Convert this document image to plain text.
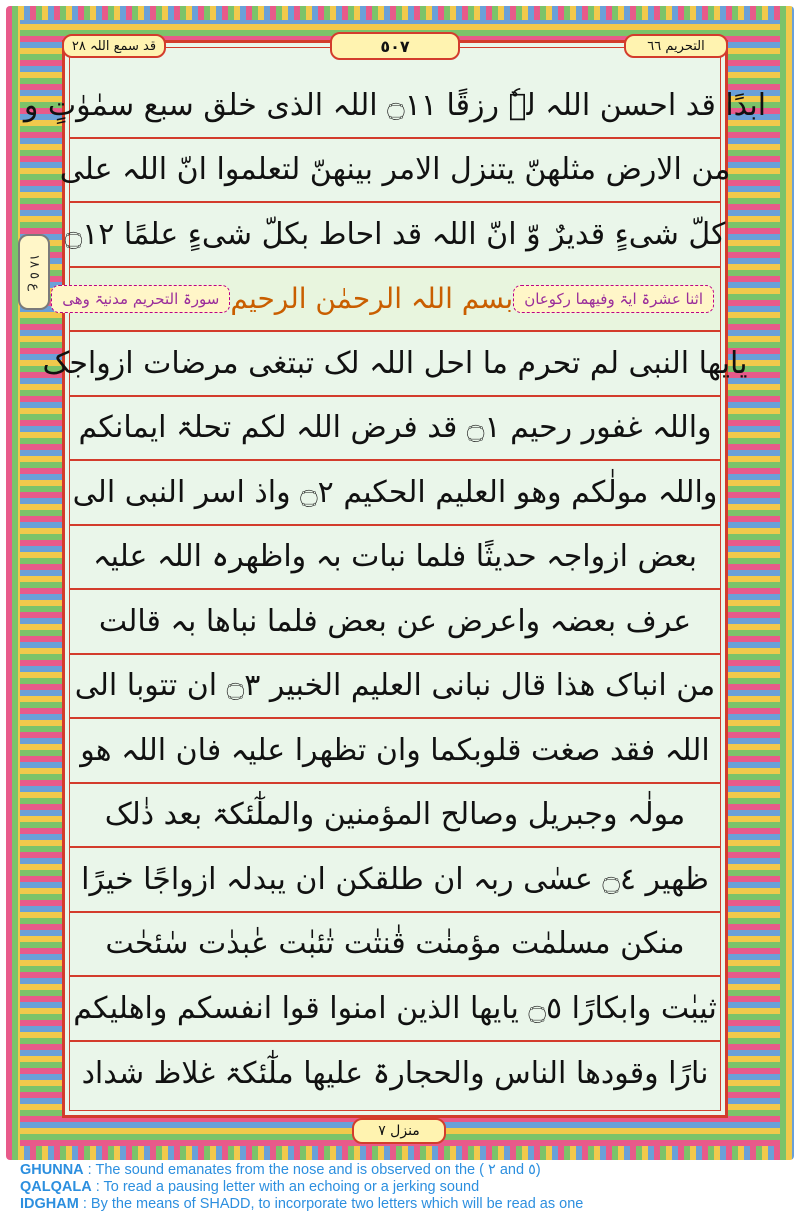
قد سمع اللہ ۲۸	٥٠٧	التحریم ٦٦
ع ٥ ١٨
ابدًا قد احسن اللہ لہٗ رزقًا ۝١١ اللہ الذی خلق سبع سمٰوٰتٍ و
من الارض مثلھنّ یتنزل الامر بینھنّ لتعلموا انّ اللہ علی
کلّ شیءٍ قدیرٌ وّ انّ اللہ قد احاط بکلّ شیءٍ علمًا ۝١٢
اثنا عشرۃ ایۃ وفیھما رکوعان
بسم اللہ الرحمٰن الرحیم
سورۃ التحریم مدنیۃ وھی
یایھا النبی لم تحرم ما احل اللہ لک تبتغی مرضات ازواجک
واللہ غفور رحیم ۝١ قد فرض اللہ لکم تحلۃ ایمانکم
واللہ مولٰکم وھو العلیم الحکیم ۝٢ واذ اسر النبی الی
بعض ازواجہ حدیثًا فلما نبات بہ واظھرہ اللہ علیہ
عرف بعضہ واعرض عن بعض فلما نباھا بہ قالت
من انباک ھذا قال نبانی العلیم الخبیر ۝٣ ان تتوبا الی
اللہ فقد صغت قلوبکما وان تظھرا علیہ فان اللہ ھو
مولٰہ وجبریل وصالح المؤمنین والملٰٓئکۃ بعد ذٰلک
ظھیر ۝٤ عسٰی ربہ ان طلقکن ان یبدلہ ازواجًا خیرًا
منکن مسلمٰت مؤمنٰت قٰنتٰت تٰئبٰت عٰبدٰت سٰئحٰت
ثیبٰت وابکارًا ۝٥ یایھا الذین امنوا قوا انفسکم واھلیکم
نارًا وقودھا الناس والحجارۃ علیھا ملٰٓئکۃ غلاظ شداد
منزل ٧
GHUNNA : The sound emanates from the nose and is observed on the ( ٢ and ٥)
QALQALA : To read a pausing letter with an echoing or a jerking sound
IDGHAM : By the means of SHADD, to incorporate two letters which will be read as one
